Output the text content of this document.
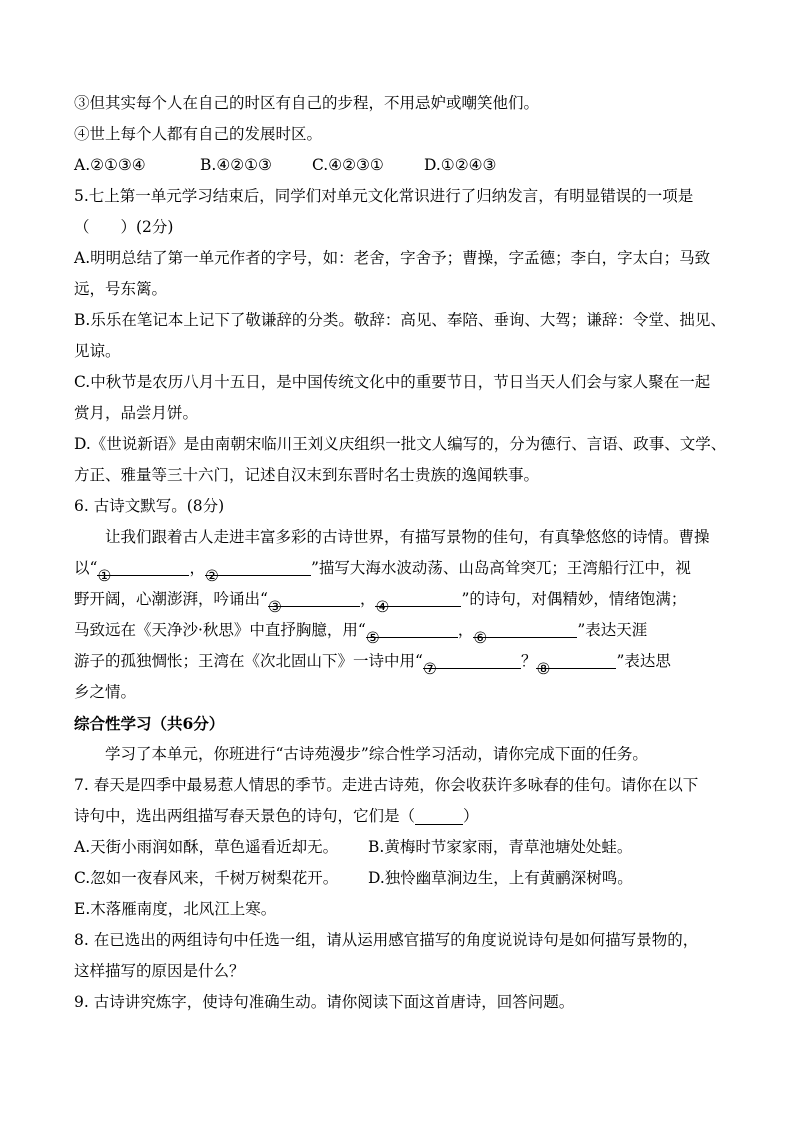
③但其实每个人在自己的时区有自己的步程，不用忌妒或嘲笑他们。
④世上每个人都有自己的发展时区。
A.②①③④	B.④②①③	C.④②③①	D.①②④③
5.七上第一单元学习结束后，同学们对单元文化常识进行了归纳发言，有明显错误的一项是
（　　）(2分)
A.明明总结了第一单元作者的字号，如：老舍，字舍予；曹操，字孟德；李白，字太白；马致
远，号东篱。
B.乐乐在笔记本上记下了敬谦辞的分类。敬辞：高见、奉陪、垂询、大驾；谦辞：令堂、拙见、
见谅。
C.中秋节是农历八月十五日，是中国传统文化中的重要节日，节日当天人们会与家人聚在一起
赏月，品尝月饼。
D.《世说新语》是由南朝宋临川王刘义庆组织一批文人编写的，分为德行、言语、政事、文学、
方正、雅量等三十六门，记述自汉末到东晋时名士贵族的逸闻轶事。
6. 古诗文默写。(8分)
让我们跟着古人走进丰富多彩的古诗世界，有描写景物的佳句，有真挚悠悠的诗情。曹操
以“①	，②	”描写大海水波动荡、山岛高耸突兀；王湾船行江中，视
野开阔，心潮澎湃，吟诵出“③	，④	”的诗句，对偶精妙，情绪饱满；
马致远在《天净沙·秋思》中直抒胸臆，用“⑤	，⑥	”表达天涯
游子的孤独惆怅；王湾在《次北固山下》一诗中用“⑦	？⑧	”表达思
乡之情。
综合性学习（共6分）
学习了本单元，你班进行“古诗苑漫步”综合性学习活动，请你完成下面的任务。
7. 春天是四季中最易惹人情思的季节。走进古诗苑，你会收获许多咏春的佳句。请你在以下
诗句中，选出两组描写春天景色的诗句，它们是（	）
A.天街小雨润如酥，草色遥看近却无。 B.黄梅时节家家雨，青草池塘处处蛙。
C.忽如一夜春风来，千树万树梨花开。 D.独怜幽草涧边生，上有黄鹂深树鸣。
E.木落雁南度，北风江上寒。
8. 在已选出的两组诗句中任选一组，请从运用感官描写的角度说说诗句是如何描写景物的，
这样描写的原因是什么？
9. 古诗讲究炼字，使诗句准确生动。请你阅读下面这首唐诗，回答问题。
